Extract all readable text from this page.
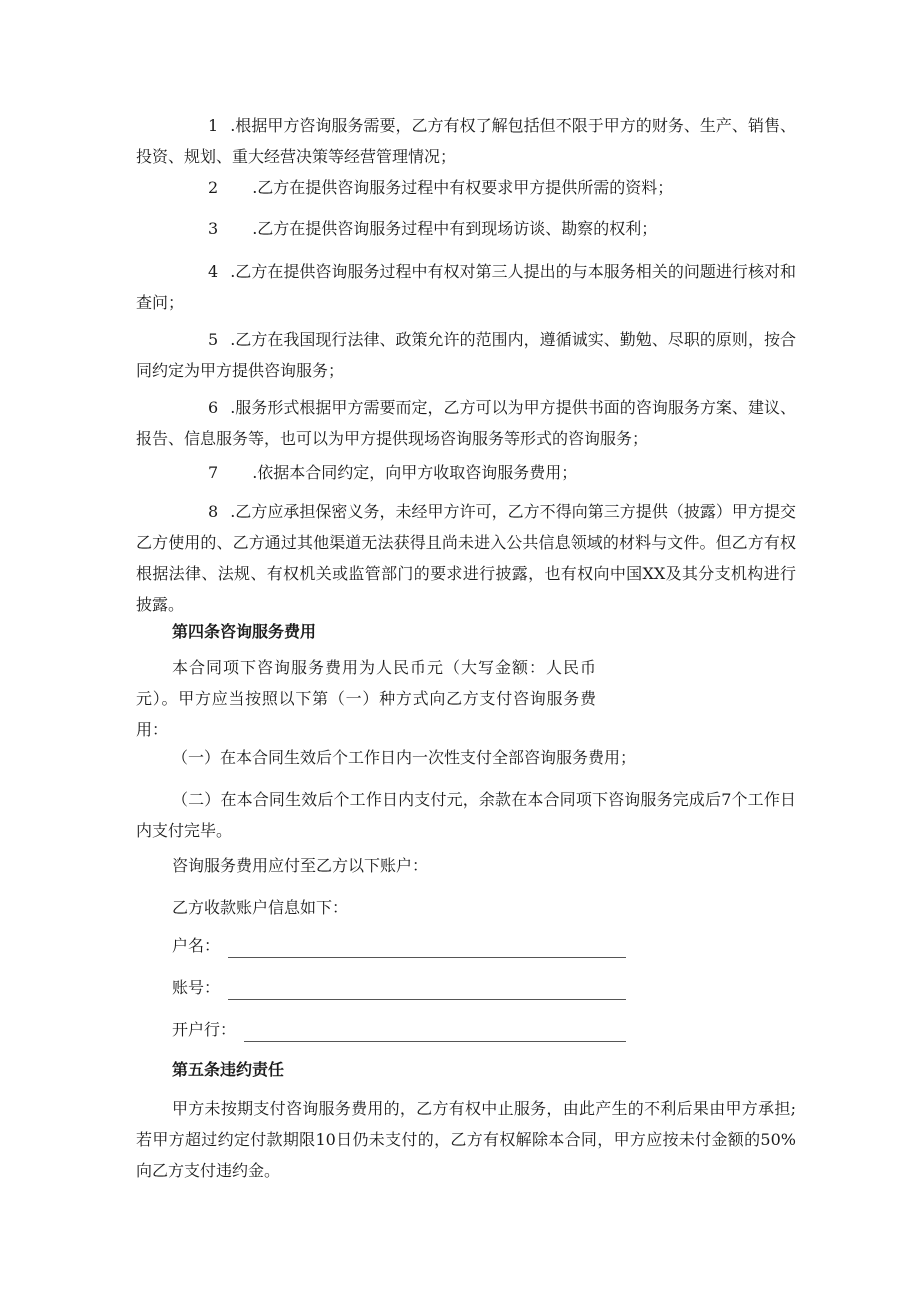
1 .根据甲方咨询服务需要，乙方有权了解包括但不限于甲方的财务、生产、销售、投资、规划、重大经营决策等经营管理情况；

2 .乙方在提供咨询服务过程中有权要求甲方提供所需的资料；

3 .乙方在提供咨询服务过程中有到现场访谈、勘察的权利；

4 .乙方在提供咨询服务过程中有权对第三人提出的与本服务相关的问题进行核对和查问；

5 .乙方在我国现行法律、政策允许的范围内，遵循诚实、勤勉、尽职的原则，按合同约定为甲方提供咨询服务；

6 .服务形式根据甲方需要而定，乙方可以为甲方提供书面的咨询服务方案、建议、报告、信息服务等，也可以为甲方提供现场咨询服务等形式的咨询服务；

7 .依据本合同约定，向甲方收取咨询服务费用；

8 .乙方应承担保密义务，未经甲方许可，乙方不得向第三方提供（披露）甲方提交乙方使用的、乙方通过其他渠道无法获得且尚未进入公共信息领域的材料与文件。但乙方有权根据法律、法规、有权机关或监管部门的要求进行披露，也有权向中国XX及其分支机构进行披露。

第四条咨询服务费用

本合同项下咨询服务费用为人民币元（大写金额：人民币元）。甲方应当按照以下第（一）种方式向乙方支付咨询服务费用：

（一）在本合同生效后个工作日内一次性支付全部咨询服务费用；

（二）在本合同生效后个工作日内支付元，余款在本合同项下咨询服务完成后7个工作日内支付完毕。

咨询服务费用应付至乙方以下账户：

乙方收款账户信息如下：

户名：
账号：
开户行：
第五条违约责任

甲方未按期支付咨询服务费用的，乙方有权中止服务，由此产生的不利后果由甲方承担;若甲方超过约定付款期限10日仍未支付的，乙方有权解除本合同，甲方应按未付金额的50%向乙方支付违约金。
